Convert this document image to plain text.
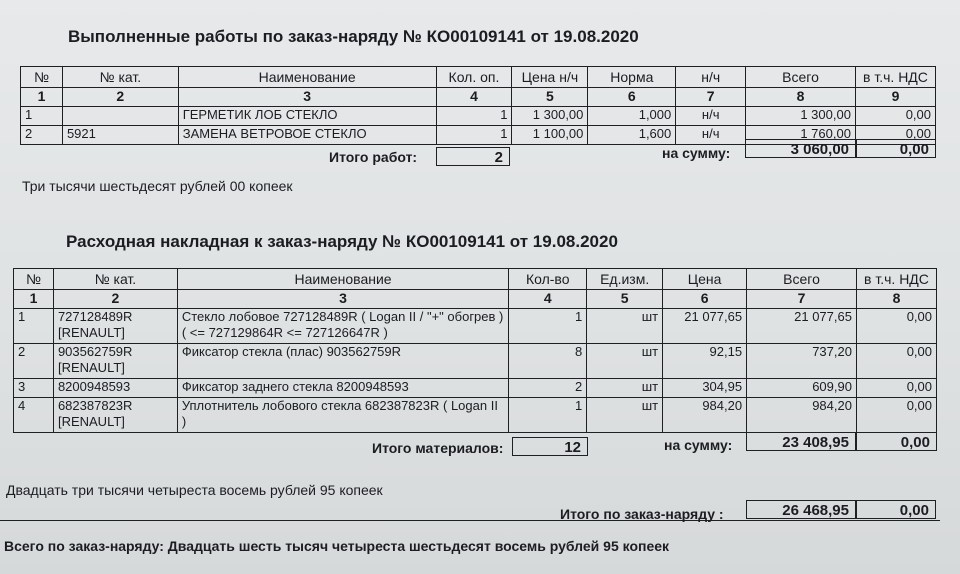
Выполненные работы по заказ-наряду № КО00109141 от 19.08.2020
№	№ кат.	Наименование	Кол. оп.	Цена н/ч	Норма	н/ч	Всего	в т.ч. НДС
1	2	3	4	5	6	7	8	9
1		ГЕРМЕТИК ЛОБ СТЕКЛО	1	1 300,00	1,000	н/ч	1 300,00	0,00
2	5921	ЗАМЕНА ВЕТРОВОЕ СТЕКЛО	1	1 100,00	1,600	н/ч	1 760,00	0,00
Итого работ:	2	на сумму:	3 060,00	0,00
Три тысячи шестьдесят рублей 00 копеек
Расходная накладная к заказ-наряду № КО00109141 от 19.08.2020
№	№ кат.	Наименование	Кол-во	Ед.изм.	Цена	Всего	в т.ч. НДС
1	2	3	4	5	6	7	8
1	727128489R [RENAULT]	Стекло лобовое 727128489R ( Logan II / "+" обогрев ) ( <= 727129864R <= 727126647R )	1	шт	21 077,65	21 077,65	0,00
2	903562759R [RENAULT]	Фиксатор стекла (плас) 903562759R	8	шт	92,15	737,20	0,00
3	8200948593	Фиксатор заднего стекла 8200948593	2	шт	304,95	609,90	0,00
4	682387823R [RENAULT]	Уплотнитель лобового стекла 682387823R ( Logan II )	1	шт	984,20	984,20	0,00
Итого материалов:	12	на сумму:	23 408,95	0,00
Двадцать три тысячи четыреста восемь рублей 95 копеек
Итого по заказ-наряду :	26 468,95	0,00
Всего по заказ-наряду: Двадцать шесть тысяч четыреста шестьдесят восемь рублей 95 копеек
